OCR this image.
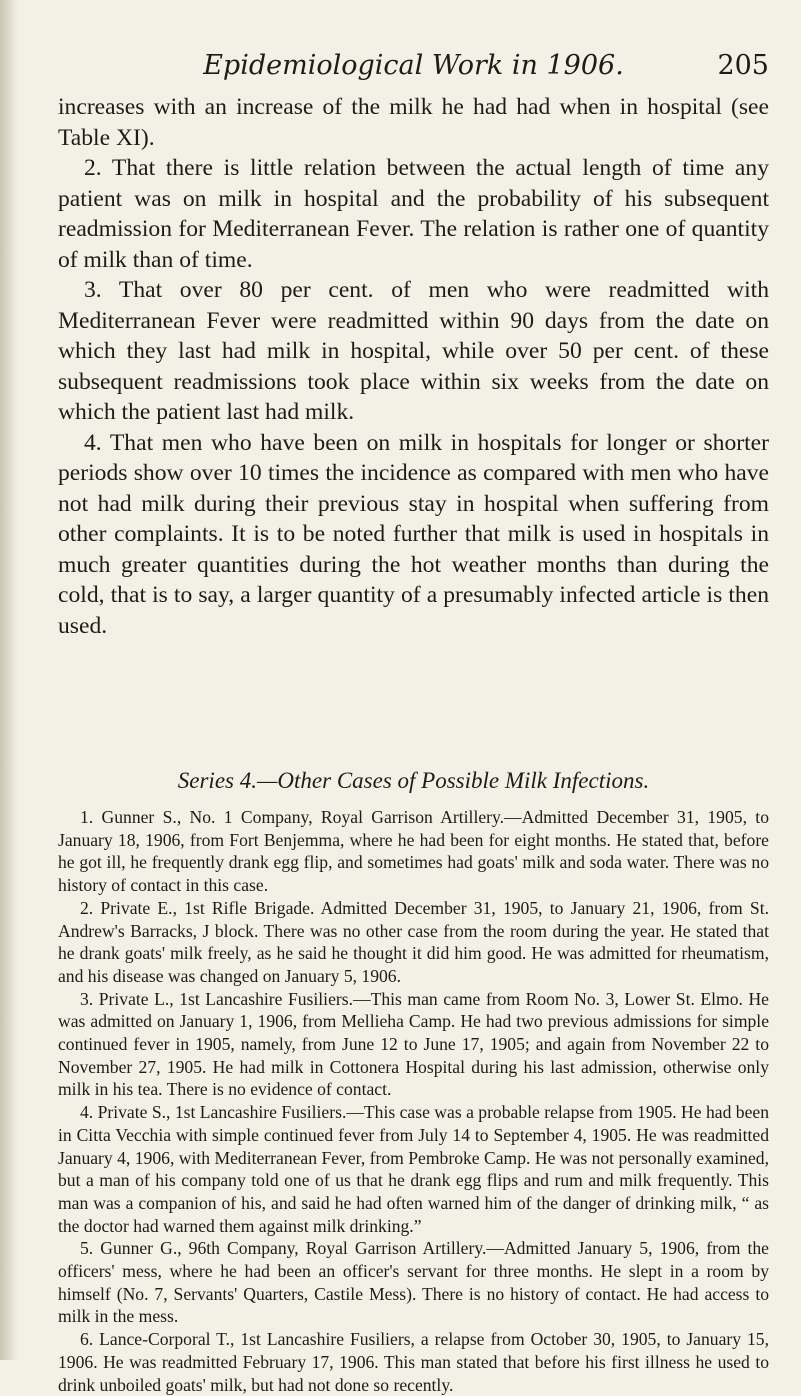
Epidemiological Work in 1906.	205

increases with an increase of the milk he had had when in hospital (see Table XI).

2. That there is little relation between the actual length of time any patient was on milk in hospital and the probability of his subsequent readmission for Mediterranean Fever. The relation is rather one of quantity of milk than of time.

3. That over 80 per cent. of men who were readmitted with Mediterranean Fever were readmitted within 90 days from the date on which they last had milk in hospital, while over 50 per cent. of these subsequent readmissions took place within six weeks from the date on which the patient last had milk.

4. That men who have been on milk in hospitals for longer or shorter periods show over 10 times the incidence as compared with men who have not had milk during their previous stay in hospital when suffering from other complaints. It is to be noted further that milk is used in hospitals in much greater quantities during the hot weather months than during the cold, that is to say, a larger quantity of a presumably infected article is then used.

Series 4.—Other Cases of Possible Milk Infections.

1. Gunner S., No. 1 Company, Royal Garrison Artillery.—Admitted December 31, 1905, to January 18, 1906, from Fort Benjemma, where he had been for eight months. He stated that, before he got ill, he frequently drank egg flip, and sometimes had goats' milk and soda water. There was no history of contact in this case.

2. Private E., 1st Rifle Brigade. Admitted December 31, 1905, to January 21, 1906, from St. Andrew's Barracks, J block. There was no other case from the room during the year. He stated that he drank goats' milk freely, as he said he thought it did him good. He was admitted for rheumatism, and his disease was changed on January 5, 1906.

3. Private L., 1st Lancashire Fusiliers.—This man came from Room No. 3, Lower St. Elmo. He was admitted on January 1, 1906, from Mellieha Camp. He had two previous admissions for simple continued fever in 1905, namely, from June 12 to June 17, 1905; and again from November 22 to November 27, 1905. He had milk in Cottonera Hospital during his last admission, otherwise only milk in his tea. There is no evidence of contact.

4. Private S., 1st Lancashire Fusiliers.—This case was a probable relapse from 1905. He had been in Citta Vecchia with simple continued fever from July 14 to September 4, 1905. He was readmitted January 4, 1906, with Mediterranean Fever, from Pembroke Camp. He was not personally examined, but a man of his company told one of us that he drank egg flips and rum and milk frequently. This man was a companion of his, and said he had often warned him of the danger of drinking milk, “ as the doctor had warned them against milk drinking.”

5. Gunner G., 96th Company, Royal Garrison Artillery.—Admitted January 5, 1906, from the officers' mess, where he had been an officer's servant for three months. He slept in a room by himself (No. 7, Servants' Quarters, Castile Mess). There is no history of contact. He had access to milk in the mess.

6. Lance-Corporal T., 1st Lancashire Fusiliers, a relapse from October 30, 1905, to January 15, 1906. He was readmitted February 17, 1906. This man stated that before his first illness he used to drink unboiled goats' milk, but had not done so recently.
